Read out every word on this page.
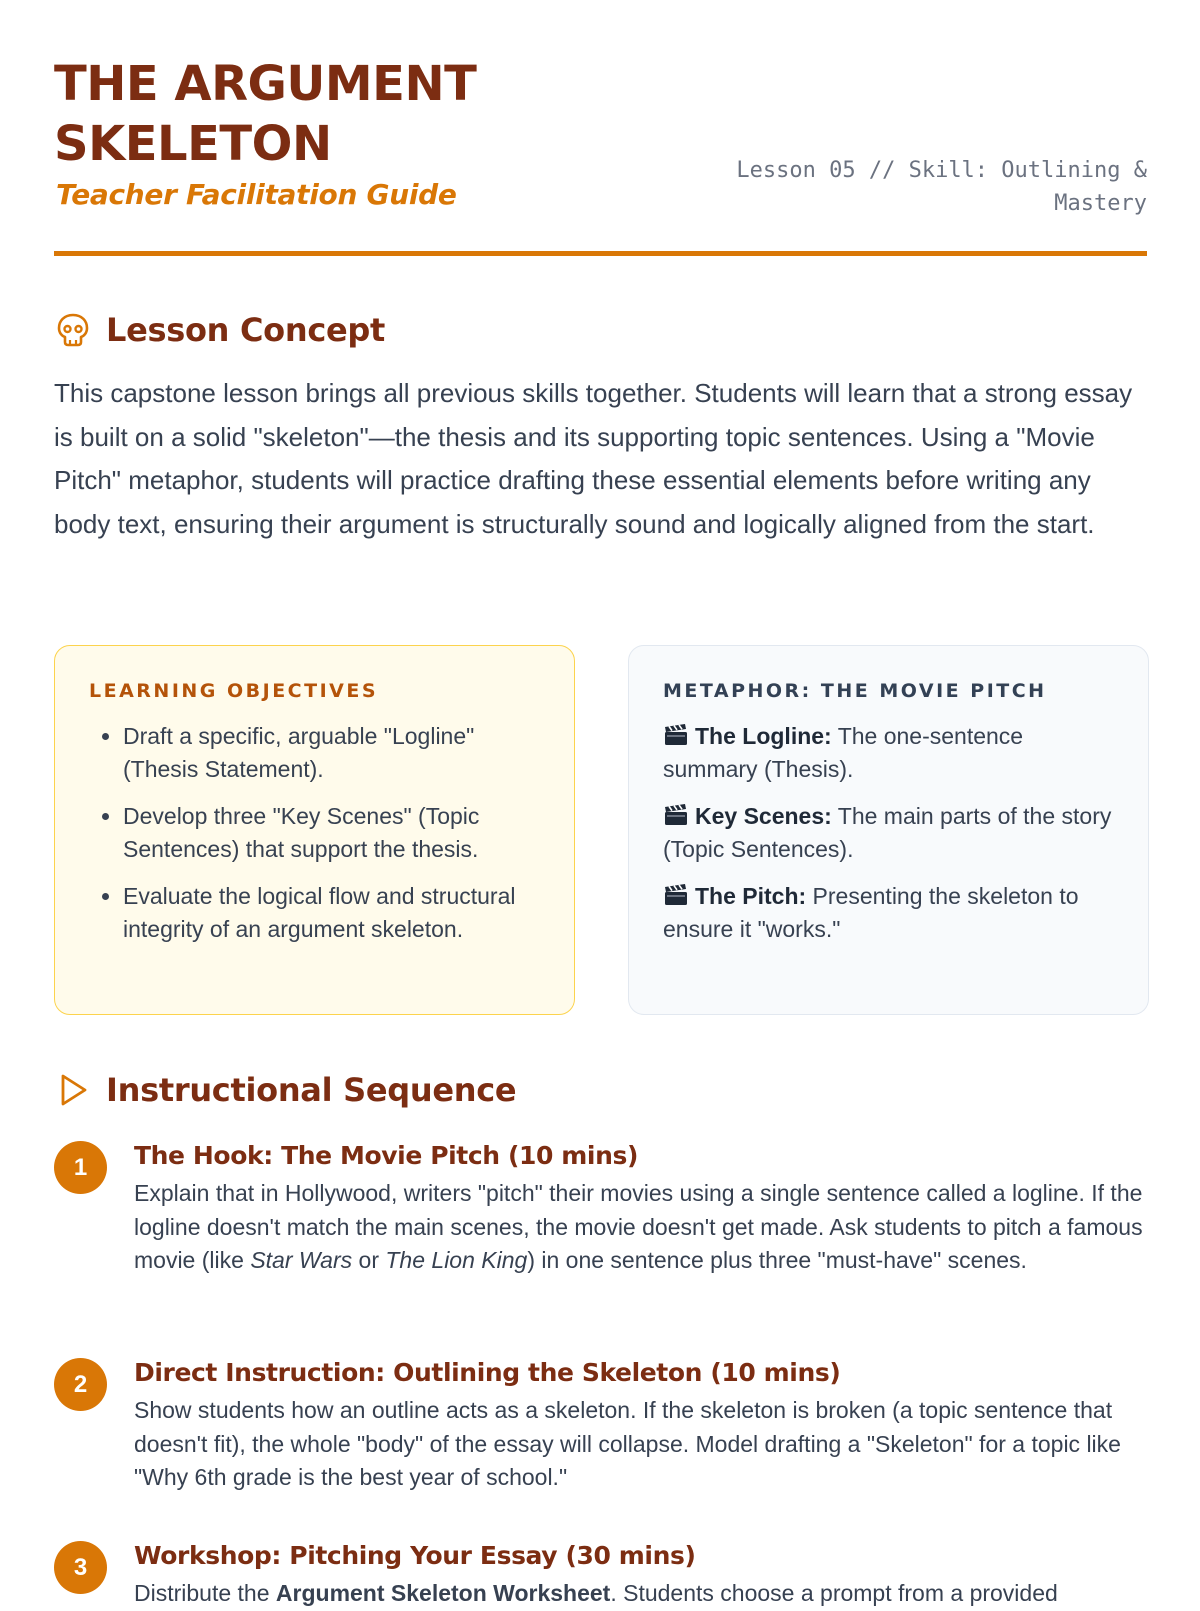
THE ARGUMENT SKELETON
Teacher Facilitation Guide
Lesson 05 // Skill: Outlining & Mastery
Lesson Concept

This capstone lesson brings all previous skills together. Students will learn that a strong essay is built on a solid "skeleton"—the thesis and its supporting topic sentences. Using a "Movie Pitch" metaphor, students will practice drafting these essential elements before writing any body text, ensuring their argument is structurally sound and logically aligned from the start.

LEARNING OBJECTIVES
• Draft a specific, arguable "Logline" (Thesis Statement).
• Develop three "Key Scenes" (Topic Sentences) that support the thesis.
• Evaluate the logical flow and structural integrity of an argument skeleton.
METAPHOR: THE MOVIE PITCH

The Logline: The one-sentence summary (Thesis).

Key Scenes: The main parts of the story (Topic Sentences).

The Pitch: Presenting the skeleton to ensure it "works."

Instructional Sequence
1	The Hook: The Movie Pitch (10 mins)

Explain that in Hollywood, writers "pitch" their movies using a single sentence called a logline. If the logline doesn't match the main scenes, the movie doesn't get made. Ask students to pitch a famous movie (like Star Wars or The Lion King) in one sentence plus three "must-have" scenes.

2	Direct Instruction: Outlining the Skeleton (10 mins)

Show students how an outline acts as a skeleton. If the skeleton is broken (a topic sentence that doesn't fit), the whole "body" of the essay will collapse. Model drafting a "Skeleton" for a topic like "Why 6th grade is the best year of school."

3	Workshop: Pitching Your Essay (30 mins)

Distribute the Argument Skeleton Worksheet. Students choose a prompt from a provided
